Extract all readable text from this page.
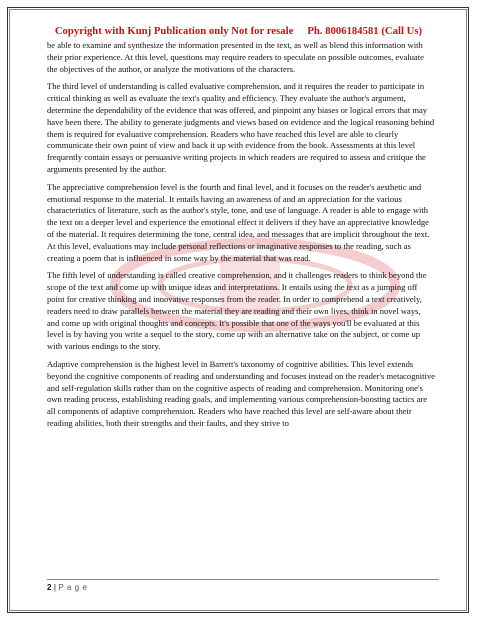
Copyright with Kunj Publication only Not for resale Ph. 8006184581 (Call Us)

be able to examine and synthesize the information presented in the text, as well as blend this information with their prior experience. At this level, questions may require readers to speculate on possible outcomes, evaluate the objectives of the author, or analyze the motivations of the characters.

The third level of understanding is called evaluative comprehension, and it requires the reader to participate in critical thinking as well as evaluate the text's quality and efficiency. They evaluate the author's argument, determine the dependability of the evidence that was offered, and pinpoint any biases or logical errors that may have been there. The ability to generate judgments and views based on evidence and the logical reasoning behind them is required for evaluative comprehension. Readers who have reached this level are able to clearly communicate their own point of view and back it up with evidence from the book. Assessments at this level frequently contain essays or persuasive writing projects in which readers are required to assess and critique the arguments presented by the author.

The appreciative comprehension level is the fourth and final level, and it focuses on the reader's aesthetic and emotional response to the material. It entails having an awareness of and an appreciation for the various characteristics of literature, such as the author's style, tone, and use of language. A reader is able to engage with the text on a deeper level and experience the emotional effect it delivers if they have an appreciative knowledge of the material. It requires determining the tone, central idea, and messages that are implicit throughout the text. At this level, evaluations may include personal reflections or imaginative responses to the reading, such as creating a poem that is influenced in some way by the material that was read.

The fifth level of understanding is called creative comprehension, and it challenges readers to think beyond the scope of the text and come up with unique ideas and interpretations. It entails using the text as a jumping off point for creative thinking and innovative responses from the reader. In order to comprehend a text creatively, readers need to draw parallels between the material they are reading and their own lives, think in novel ways, and come up with original thoughts and concepts. It's possible that one of the ways you'll be evaluated at this level is by having you write a sequel to the story, come up with an alternative take on the subject, or come up with various endings to the story.

Adaptive comprehension is the highest level in Barrett's taxonomy of cognitive abilities. This level extends beyond the cognitive components of reading and understanding and focuses instead on the reader's metacognitive and self-regulation skills rather than on the cognitive aspects of reading and comprehension. Monitoring one's own reading process, establishing reading goals, and implementing various comprehension-boosting tactics are all components of adaptive comprehension. Readers who have reached this level are self-aware about their reading abilities, both their strengths and their faults, and they strive to

2 | P a g e
